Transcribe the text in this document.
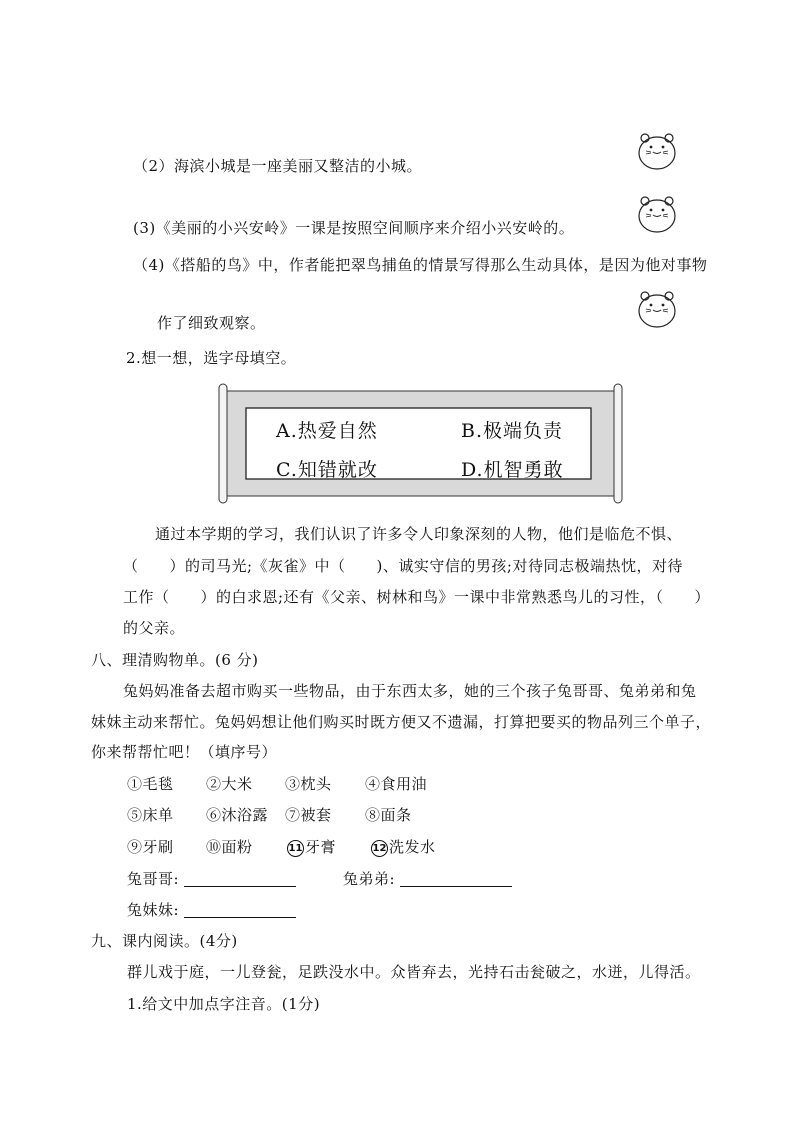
（2）海滨小城是一座美丽又整洁的小城。
(3)《美丽的小兴安岭》一课是按照空间顺序来介绍小兴安岭的。
（4)《搭船的鸟》中，作者能把翠鸟捕鱼的情景写得那么生动具体，是因为他对事物
作了细致观察。
2.想一想，选字母填空。
A.热爱自然	B.极端负责
C.知错就改	D.机智勇敢
通过本学期的学习，我们认识了许多令人印象深刻的人物，他们是临危不惧、
（　　）的司马光;《灰雀》中（　　)、诚实守信的男孩;对待同志极端热忱，对待
工作（　　）的白求恩;还有《父亲、树林和鸟》一课中非常熟悉鸟儿的习性，（　　）
的父亲。
八、理清购物单。(6 分)
兔妈妈准备去超市购买一些物品，由于东西太多，她的三个孩子兔哥哥、兔弟弟和兔
妹妹主动来帮忙。兔妈妈想让他们购买时既方便又不遗漏，打算把要买的物品列三个单子，
你来帮帮忙吧！（填序号）
①毛毯 ②大米 ③枕头 ④食用油
⑤床单 ⑥沐浴露 ⑦被套 ⑧面条
⑨牙刷 ⑩面粉	11 牙膏	12 洗发水
兔哥哥:	兔弟弟:
兔妹妹:
九、课内阅读。(4分)
群儿戏于庭，一儿登瓮，足跌没水中。众皆弃去，光持石击瓮破之，水迸，儿得活。
1.给文中加点字注音。(1分)
